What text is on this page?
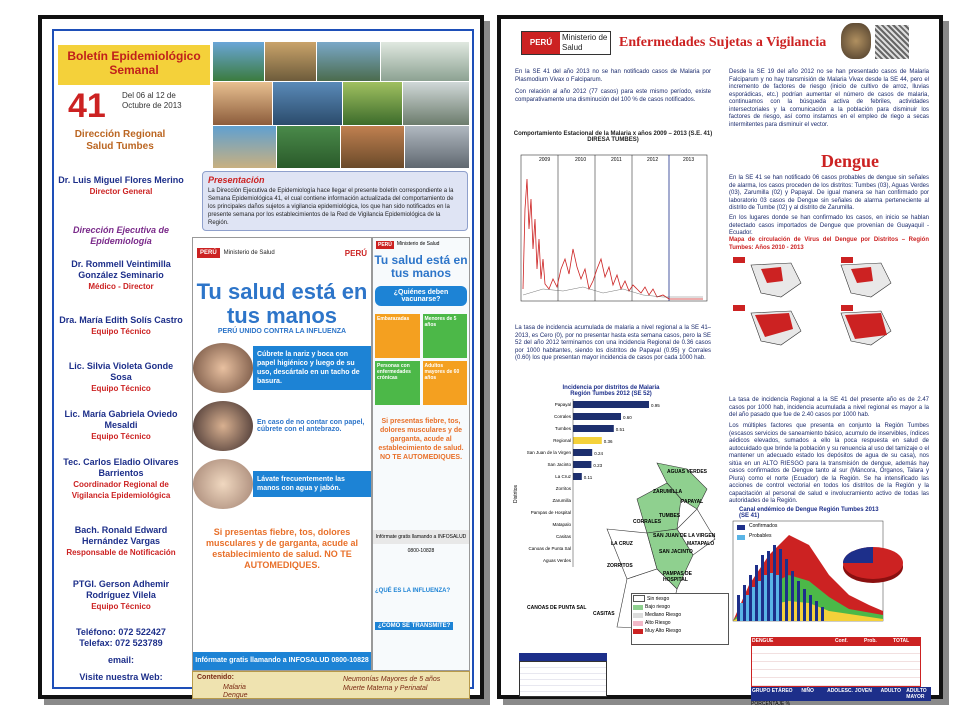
Boletín Epidemiológico Semanal
41 Del 06 al 12 de Octubre de 2013
Dirección Regional Salud Tumbes
Dr. Luis Miguel Flores Merino
Director General
Dirección Ejecutiva de Epidemiología
Dr. Rommell Veintimilla González Seminario
Médico - Director
Dra. María Edith Solís Castro
Equipo Técnico
Lic. Silvia Violeta Gonde Sosa
Equipo Técnico
Lic. María Gabriela Oviedo Mesaldi
Equipo Técnico
Tec. Carlos Eladio Olivares Barrientos
Coordinador Regional de Vigilancia Epidemiológica
Bach. Ronald Edward Hernández Vargas
Responsable de Notificación
PTGI. Gerson Adhemir Rodríguez Vilela
Equipo Técnico
Teléfono: 072 522427
Telefax: 072 523789
email:
Visite nuestra Web:
Presentación
La Dirección Ejecutiva de Epidemiología hace llegar el presente boletín correspondiente a la Semana Epidemiológica 41, el cual contiene información actualizada del comportamiento de los principales daños sujetos a vigilancia epidemiológica, los que han sido notificados en la presente semana por los establecimientos de la Red de Vigilancia Epidemiológica de la Región.
PERÚ	Ministerio de Salud	PERÚ
Tu salud está en tus manos
PERÚ UNIDO CONTRA LA INFLUENZA
Cúbrete la nariz y boca con papel higiénico y luego de su uso, descártalo en un tacho de basura.
En caso de no contar con papel, cúbrete con el antebrazo.
Lávate frecuentemente las manos con agua y jabón.
Si presentas fiebre, tos, dolores musculares y de garganta, acude al establecimiento de salud. NO TE AUTOMEDIQUES.
Infórmate gratis llamando a INFOSALUD 0800-10828
PERÚ	Ministerio de Salud
Tu salud está en tus manos
¿Quiénes deben vacunarse?
Embarazadas	Menores de 5 años
Personas con enfermedades crónicas
Adultos mayores de 60 años
Si presentas fiebre, tos, dolores musculares y de garganta, acude al establecimiento de salud. NO TE AUTOMEDIQUES.
Infórmate gratis llamando a INFOSALUD 0800-10828
¿QUÉ ES LA INFLUENZA?
¿CÓMO SE TRANSMITE?
Contenido:
Malaria
Dengue
Neumonías Mayores de 5 años
Muerte Materna y Perinatal
PERÚ
Ministerio de Salud	Enfermedades Sujetas a Vigilancia
En la SE 41 del año 2013 no se han notificado casos de Malaria por Plasmodium Vivax o Falciparum.
Con relación al año 2012 (77 casos) para este mismo período, existe comparativamente una disminución del 100 % de casos notificados.
Desde la SE 19 del año 2012 no se han presentado casos de Malaria Falciparum y no hay transmisión de Malaria Vivax desde la SE 44, pero el incremento de factores de riesgo (inicio de cultivo de arroz, lluvias esporádicas, etc.) podrían aumentar el número de casos de malaria, continuamos con la búsqueda activa de febriles, actividades intersectoriales y la comunicación a la población para disminuir los factores de riesgo, así como instamos en el empleo de riego a secas intermitentes para disminuir el vector.
Comportamiento Estacional de la Malaria x años 2009 – 2013 (S.E. 41) DIRESA TUMBES)
2009	2010	2011	2012	2013	Dengue
En la SE 41 se han notificado 06 casos probables de dengue sin señales de alarma, los casos proceden de los distritos: Tumbes (03), Aguas Verdes (03), Zarumilla (02) y Papayal. De igual manera se han confirmado por laboratorio 03 casos de Dengue sin señales de alarma perteneciente al distrito de Tumbe (02) y al distrito de Zarumilla.
En los lugares donde se han confirmado los casos, en inicio se hablan detectado casos importados de Dengue que provenían de Guayaquil - Ecuador.
Mapa de circulación de Virus del Dengue por Distritos – Región Tumbes: Años 2010 - 2013
La tasa de incidencia acumulada de malaria a nivel regional a la SE 41– 2013, es Cero (0), por no presentar hasta esta semana casos, pero la SE 52 del año 2012 terminamos con una incidencia Regional de 0.36 casos por 1000 habitantes, siendo los distritos de Papayal (0.95) y Corrales (0.60) los que presentan mayor incidencia de casos por cada 1000 hab.
Incidencia por distritos de Malaria Región Tumbes 2012 (SE 52)
Papayal	0.95
Corrales	0.60
Tumbes	0.51
Regional	0.36
San Juan de la Virgen	0.24
San Jacinto	0.23
La Cruz	0.11
Zorritos
Zarumilla
Pampas de Hospital
Matapalo
Casitas
Canoas de Punta Sal
Aguas Verdes
Distritos
AGUAS VERDES
ZARUMILLA
PAPAYAL
MATAPALO
TUMBES
CORRALES
LA CRUZ
ZORRITOS
SAN JACINTO
SAN JUAN DE LA VIRGEN
PAMPAS DE HOSPITAL
CANOAS DE PUNTA SAL
CASITAS
Sin riesgo
Bajo riesgo
Mediano Riesgo
Alto Riesgo
Muy Alto Riesgo
La tasa de incidencia Regional a la SE 41 del presente año es de 2.47 casos por 1000 hab, incidencia acumulada a nivel regional es mayor a la del año pasado que fue de 2.40 casos por 1000 hab.
Los múltiples factores que presenta en conjunto la Región Tumbes (escasos servicios de saneamiento básico, acumulo de inservibles, índices aédicos elevados, sumados a ello la poca respuesta en salud de autocuidado que brinde la población y su renuencia al uso del tamizaje o el mantener un adecuado estado los depósitos de agua de su casa), nos sitúa en un ALTO RIESGO para la transmisión de dengue, además hay casos confirmados de Dengue tanto al sur (Máncora, Organos, Talara y Piura) como el norte (Ecuador) de la Región. Se ha intensificado las acciones de control vectorial en todos los distritos de la Región y la capacitación al personal de salud e involucramiento activo de todas las autoridades de la Región.
Canal endémico de Dengue Región Tumbes 2013 (SE 41)
Confirmados
Probables
DENGUE	Conf.	Prob.	TOTAL
GRUPO ETÁREO	NIÑO	ADOLESC. JOVEN	ADULTO	ADULTO MAYOR
PORCENTAJE %
